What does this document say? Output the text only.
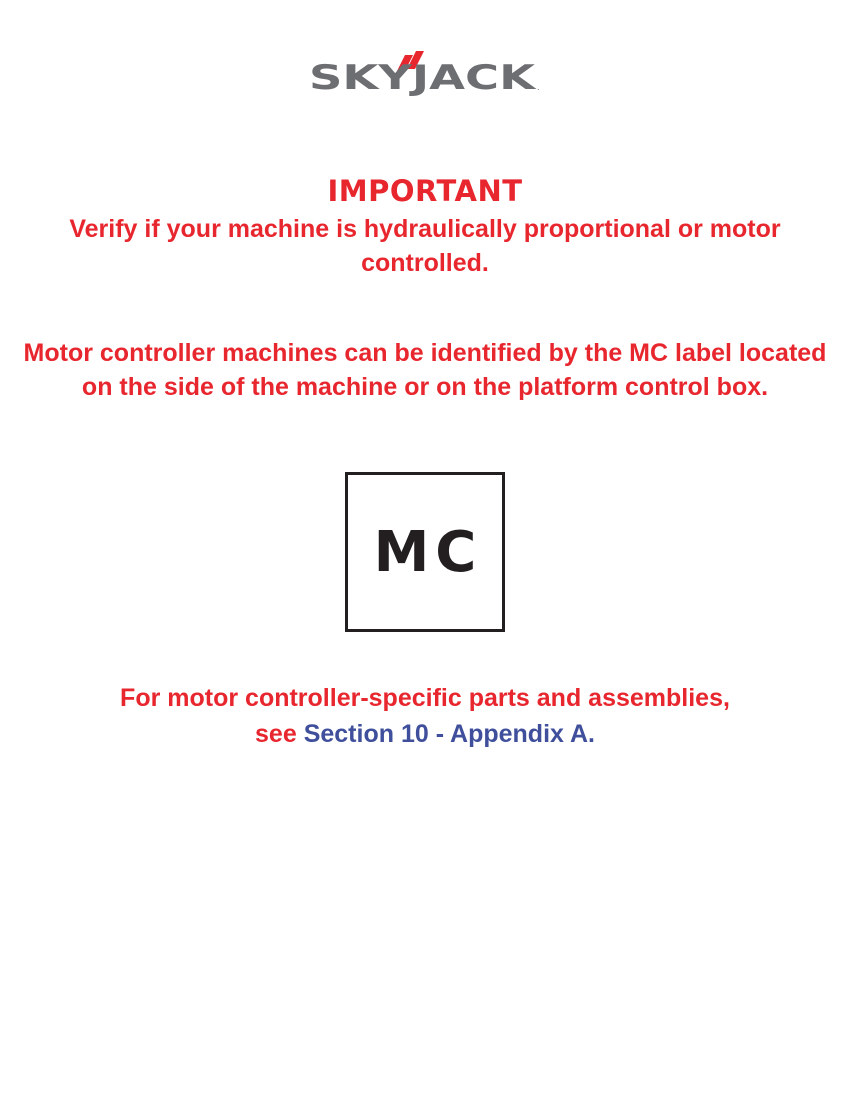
SKYJACK .
IMPORTANT
Verify if your machine is hydraulically proportional or motor controlled.
Motor controller machines can be identified by the MC label located on the side of the machine or on the platform control box.
MC
For motor controller-specific parts and assemblies,
see Section 10 - Appendix A.
